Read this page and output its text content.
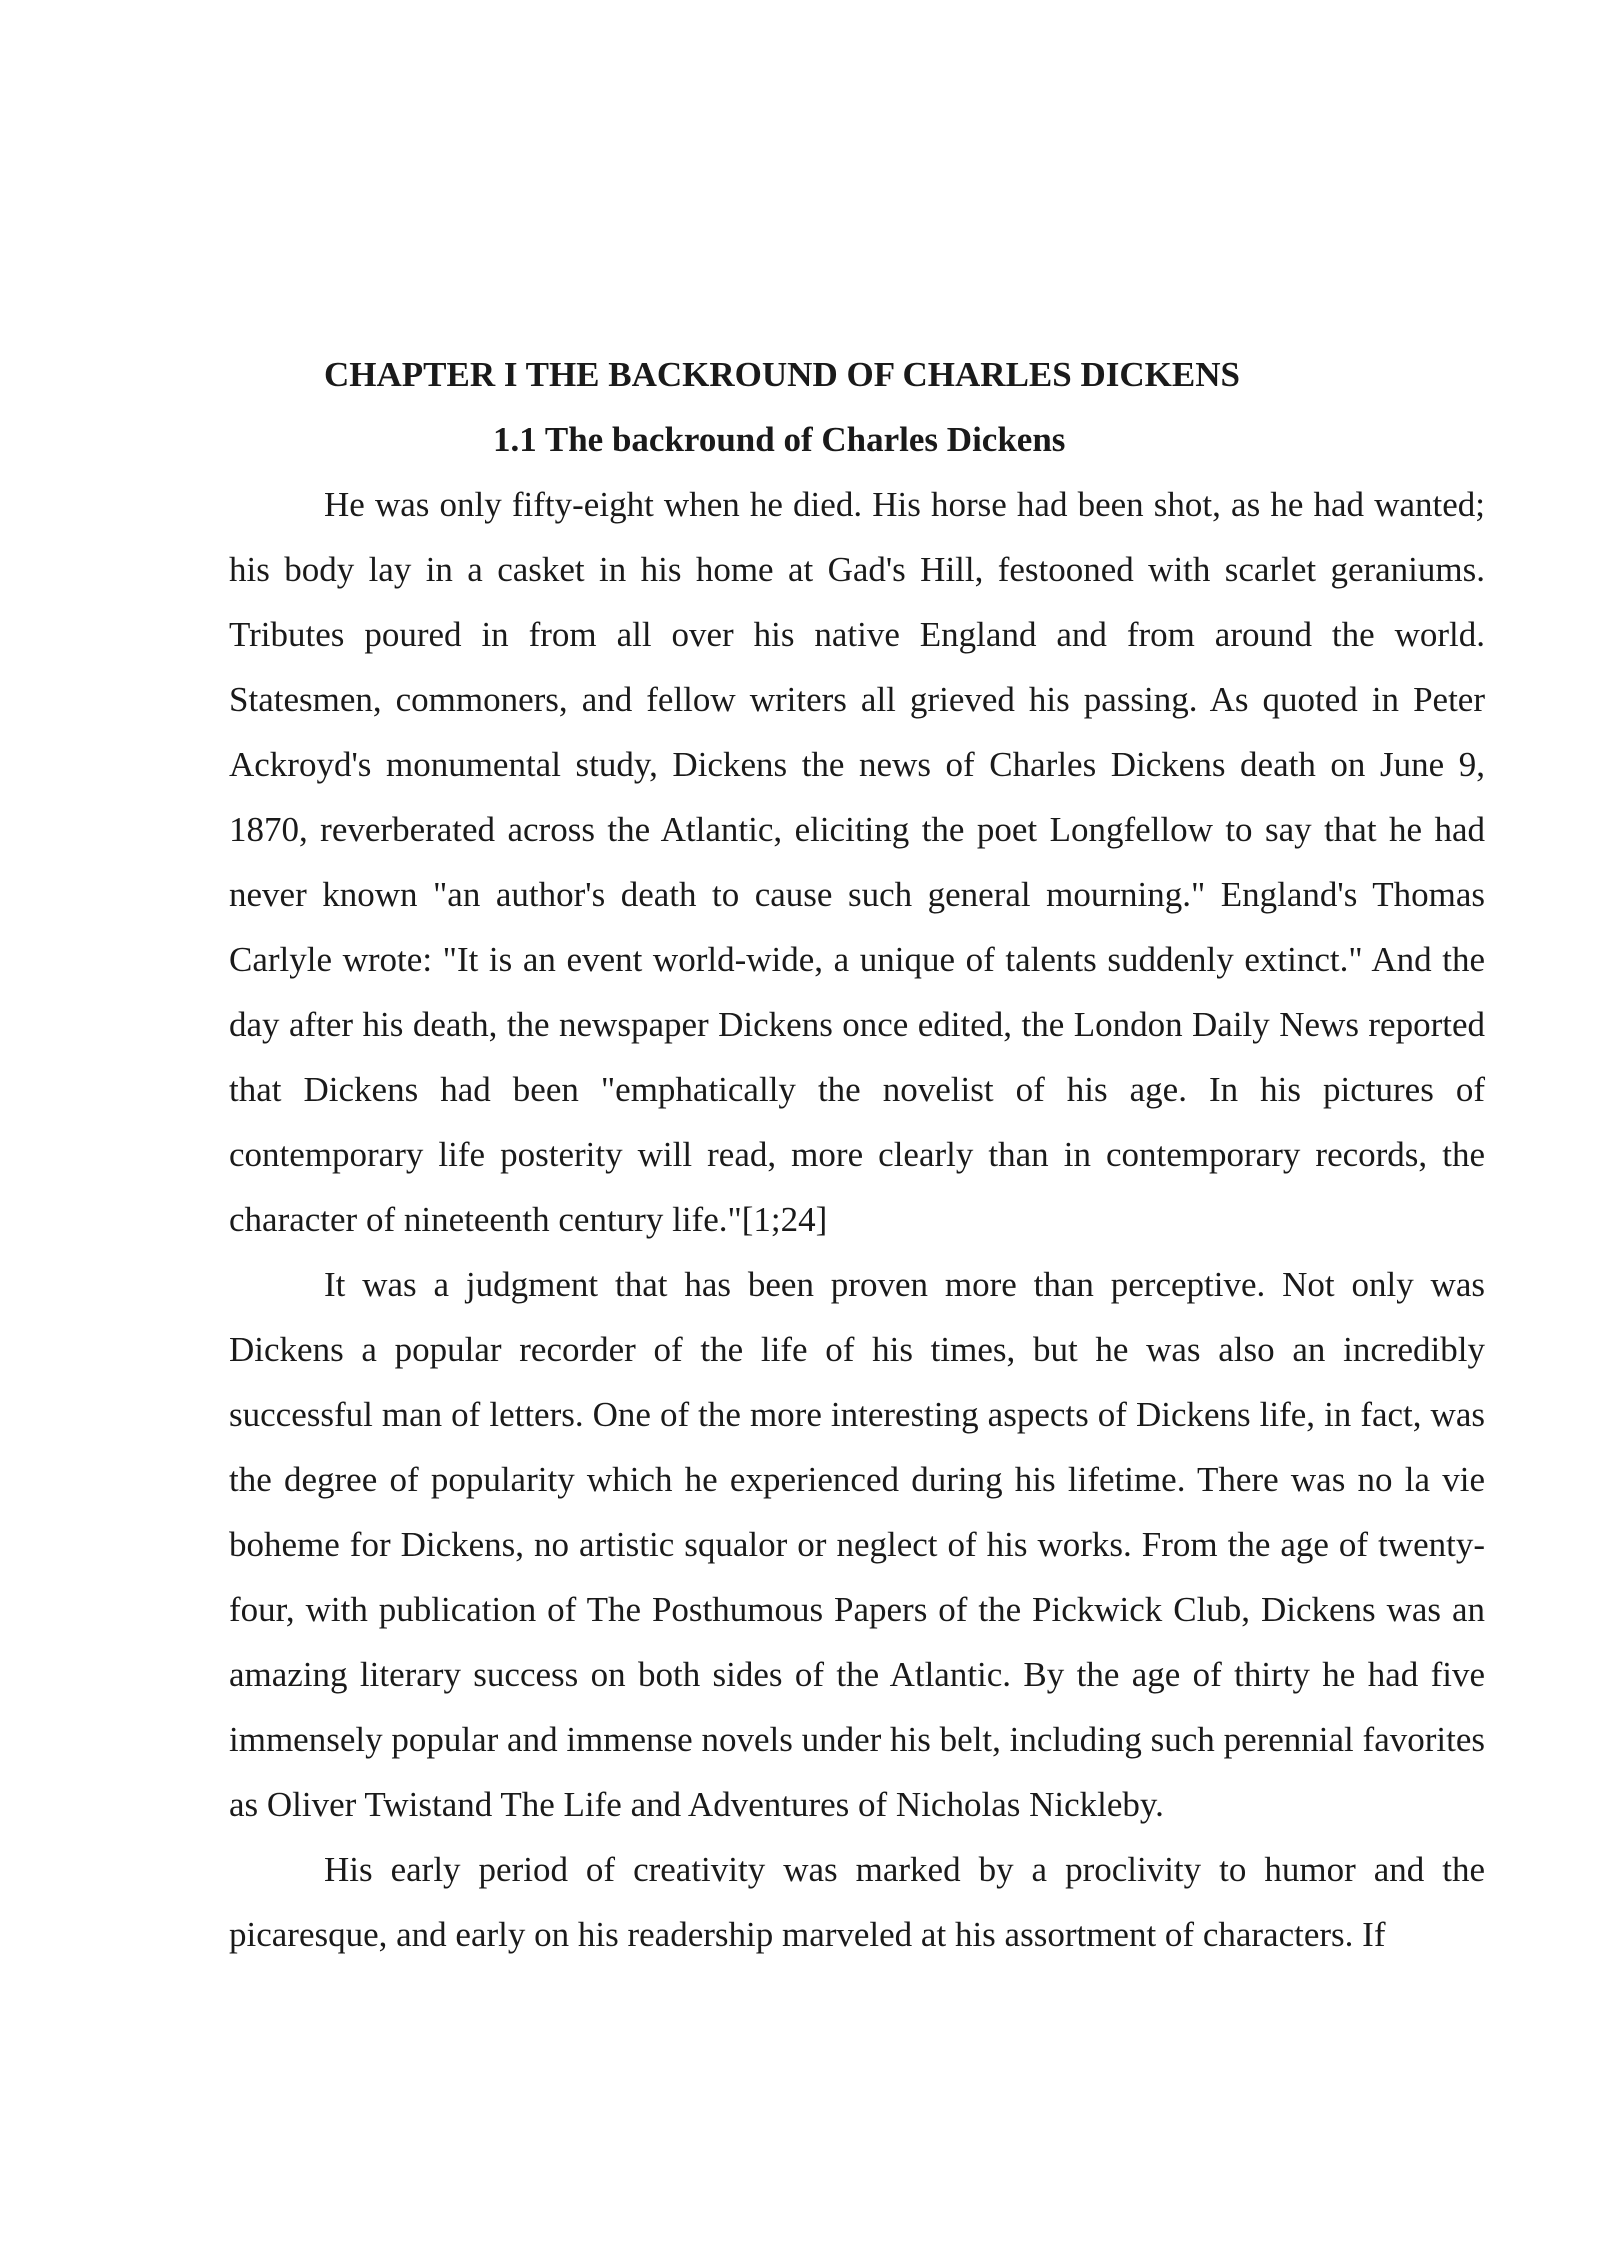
CHAPTER I THE BACKROUND OF CHARLES DICKENS
1.1 The backround of Charles Dickens

He was only fifty-eight when he died. His horse had been shot, as he had wanted; his body lay in a casket in his home at Gad's Hill, festooned with scarlet geraniums. Tributes poured in from all over his native England and from around the world. Statesmen, commoners, and fellow writers all grieved his passing. As quoted in Peter Ackroyd's monumental study, Dickens the news of Charles Dickens death on June 9, 1870, reverberated across the Atlantic, eliciting the poet Longfellow to say that he had never known "an author's death to cause such general mourning." England's Thomas Carlyle wrote: "It is an event world-wide, a unique of talents suddenly extinct." And the day after his death, the newspaper Dickens once edited, the London Daily News reported that Dickens had been "emphatically the novelist of his age. In his pictures of contemporary life posterity will read, more clearly than in contemporary records, the character of nineteenth century life."[1;24]

It was a judgment that has been proven more than perceptive. Not only was Dickens a popular recorder of the life of his times, but he was also an incredibly successful man of letters. One of the more interesting aspects of Dickens life, in fact, was the degree of popularity which he experienced during his lifetime. There was no la vie boheme for Dickens, no artistic squalor or neglect of his works. From the age of twenty-four, with publication of The Posthumous Papers of the Pickwick Club, Dickens was an amazing literary success on both sides of the Atlantic. By the age of thirty he had five immensely popular and immense novels under his belt, including such perennial favorites as Oliver Twistand The Life and Adventures of Nicholas Nickleby.

His early period of creativity was marked by a proclivity to humor and the picaresque, and early on his readership marveled at his assortment of characters. If
